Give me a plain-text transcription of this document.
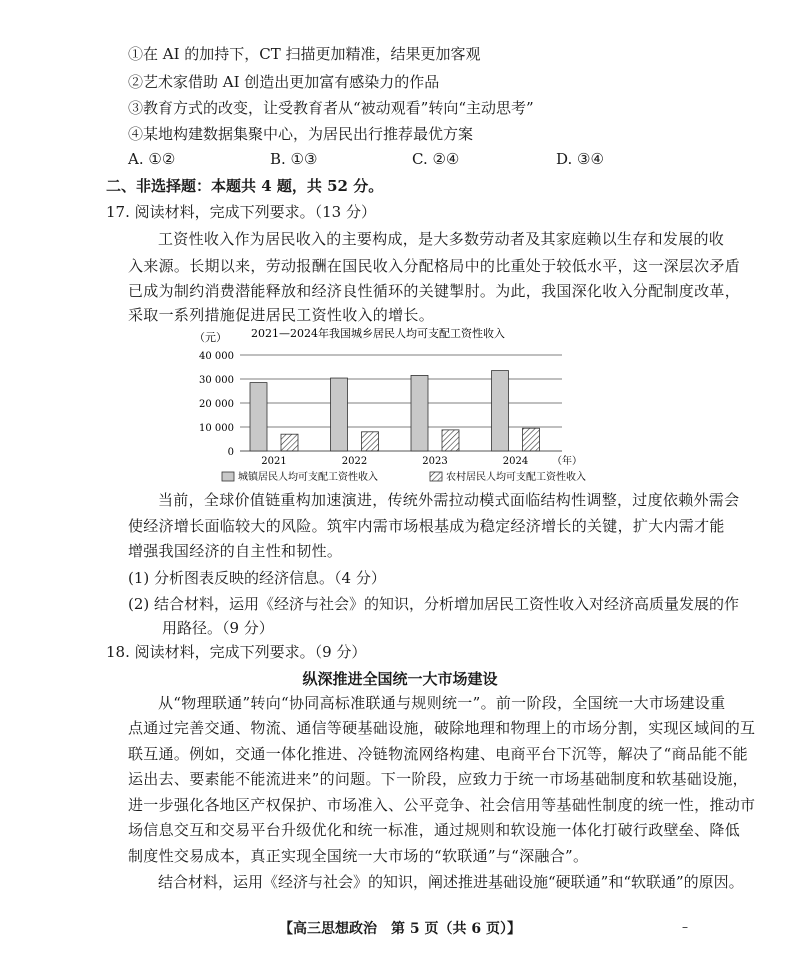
①在 AI 的加持下，CT 扫描更加精准，结果更加客观
②艺术家借助 AI 创造出更加富有感染力的作品
③教育方式的改变，让受教育者从“被动观看”转向“主动思考”
④某地构建数据集聚中心，为居民出行推荐最优方案
A. ①②	B. ①③	C. ②④	D. ③④
二、非选择题：本题共 4 题，共 52 分。
17. 阅读材料，完成下列要求。（13 分）
工资性收入作为居民收入的主要构成，是大多数劳动者及其家庭赖以生存和发展的收
入来源。长期以来，劳动报酬在国民收入分配格局中的比重处于较低水平，这一深层次矛盾
已成为制约消费潜能释放和经济良性循环的关键掣肘。为此，我国深化收入分配制度改革，
采取一系列措施促进居民工资性收入的增长。
（元） 2021—2024年我国城乡居民人均可支配工资性收入
0
10 000
20 000
30 000
40 000
2021	2022	2023	2024 （年）
城镇居民人均可支配工资性收入	农村居民人均可支配工资性收入
当前，全球价值链重构加速演进，传统外需拉动模式面临结构性调整，过度依赖外需会
使经济增长面临较大的风险。筑牢内需市场根基成为稳定经济增长的关键，扩大内需才能
增强我国经济的自主性和韧性。
(1) 分析图表反映的经济信息。（4 分）
(2) 结合材料，运用《经济与社会》的知识，分析增加居民工资性收入对经济高质量发展的作
用路径。（9 分）
18. 阅读材料，完成下列要求。（9 分）
纵深推进全国统一大市场建设
从“物理联通”转向“协同高标准联通与规则统一”。前一阶段，全国统一大市场建设重
点通过完善交通、物流、通信等硬基础设施，破除地理和物理上的市场分割，实现区域间的互
联互通。例如，交通一体化推进、冷链物流网络构建、电商平台下沉等，解决了“商品能不能
运出去、要素能不能流进来”的问题。下一阶段，应致力于统一市场基础制度和软基础设施，
进一步强化各地区产权保护、市场准入、公平竞争、社会信用等基础性制度的统一性，推动市
场信息交互和交易平台升级优化和统一标准，通过规则和软设施一体化打破行政壁垒、降低
制度性交易成本，真正实现全国统一大市场的“软联通”与“深融合”。
结合材料，运用《经济与社会》的知识，阐述推进基础设施“硬联通”和“软联通”的原因。
【高三思想政治　第 5 页（共 6 页）】	–
